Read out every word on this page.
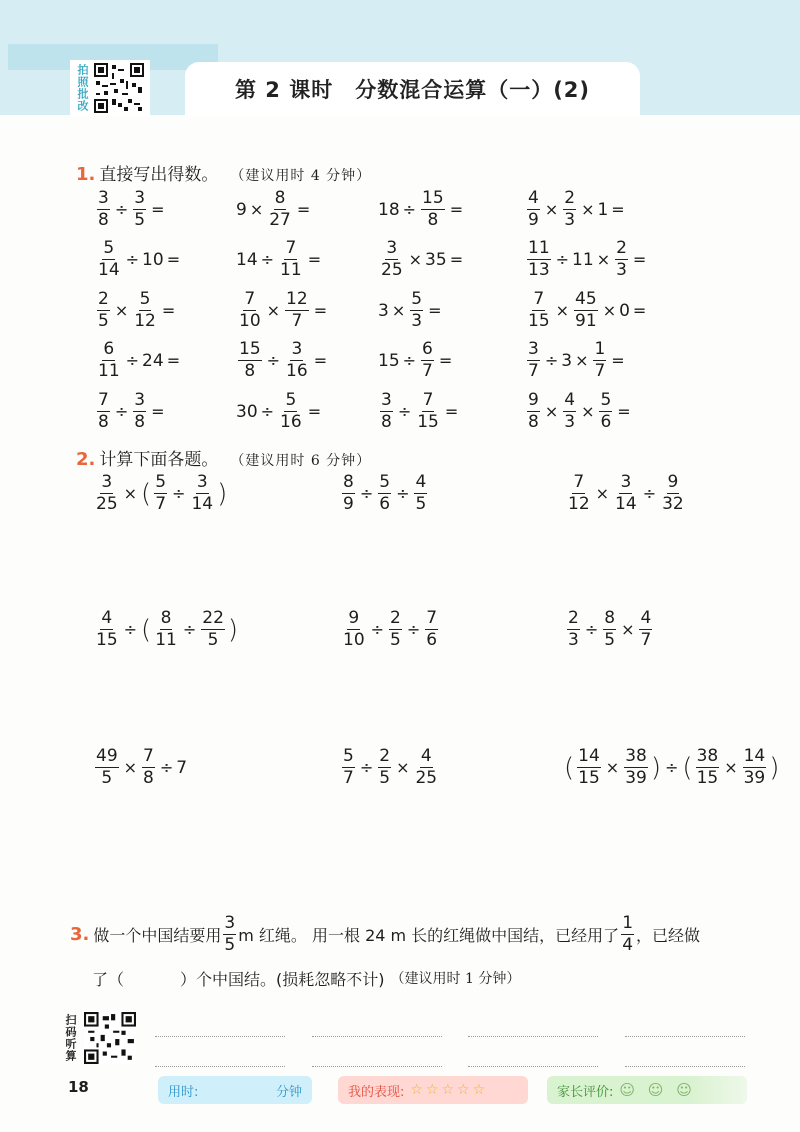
拍照批改	第 2 课时 分数混合运算（一）(2)
1. 直接写出得数。 （建议用时 4 分钟）
$\frac{3}{8} \div \frac{3}{5}$ =	$9 \times \frac{8}{27}$ =	$18 \div \frac{15}{8}$ =	$\frac{4}{9} \times \frac{2}{3} \times 1$ =
$\frac{5}{14} \div 10$ =	$14 \div \frac{7}{11}$ =	$\frac{3}{25} \times 35$ =	$\frac{11}{13} \div 11 \times \frac{2}{3}$ =
$\frac{2}{5} \times \frac{5}{12}$ =	$\frac{7}{10} \times \frac{12}{7}$ =	$3 \times \frac{5}{3}$ =	$\frac{7}{15} \times \frac{45}{91} \times 0$ =
$\frac{6}{11} \div 24$ =	$\frac{15}{8} \div \frac{3}{16}$ =	$15 \div \frac{6}{7}$ =	$\frac{3}{7} \div 3 \times \frac{1}{7}$ =
$\frac{7}{8} \div \frac{3}{8}$ =	$30 \div \frac{5}{16}$ =	$\frac{3}{8} \div \frac{7}{15}$ =	$\frac{9}{8} \times \frac{4}{3} \times \frac{5}{6}$ =
2. 计算下面各题。 （建议用时 6 分钟）
$\frac{3}{25}$ × ( $\frac{5}{7} \div \frac{3}{14}$ )	$\frac{8}{9} \div \frac{5}{6} \div \frac{4}{5}$	$\frac{7}{12} \times \frac{3}{14} \div \frac{9}{32}$
$\frac{4}{15}$ ÷ ( $\frac{8}{11} \div \frac{22}{5}$ )	$\frac{9}{10} \div \frac{2}{5} \div \frac{7}{6}$	$\frac{2}{3} \div \frac{8}{5} \times \frac{4}{7}$
$\frac{49}{5} \times \frac{7}{8} \div 7$	$\frac{5}{7} \div \frac{2}{5} \times \frac{4}{25}$	( $\frac{14}{15} \times \frac{38}{39}$ ) ÷ ( $\frac{38}{15} \times \frac{14}{39}$ )
3. 做一个中国结要用 $\frac{3}{5}$ m 红绳。 用一根 24 m 长的红绳做中国结，已经用了 $\frac{1}{4}$ ，已经做
了（	）个中国结。(损耗忽略不计) （建议用时 1 分钟）
扫码听算
18	用时:	分钟	我的表现: ☆☆☆☆☆	家长评价: ☺ ☺ ☺
